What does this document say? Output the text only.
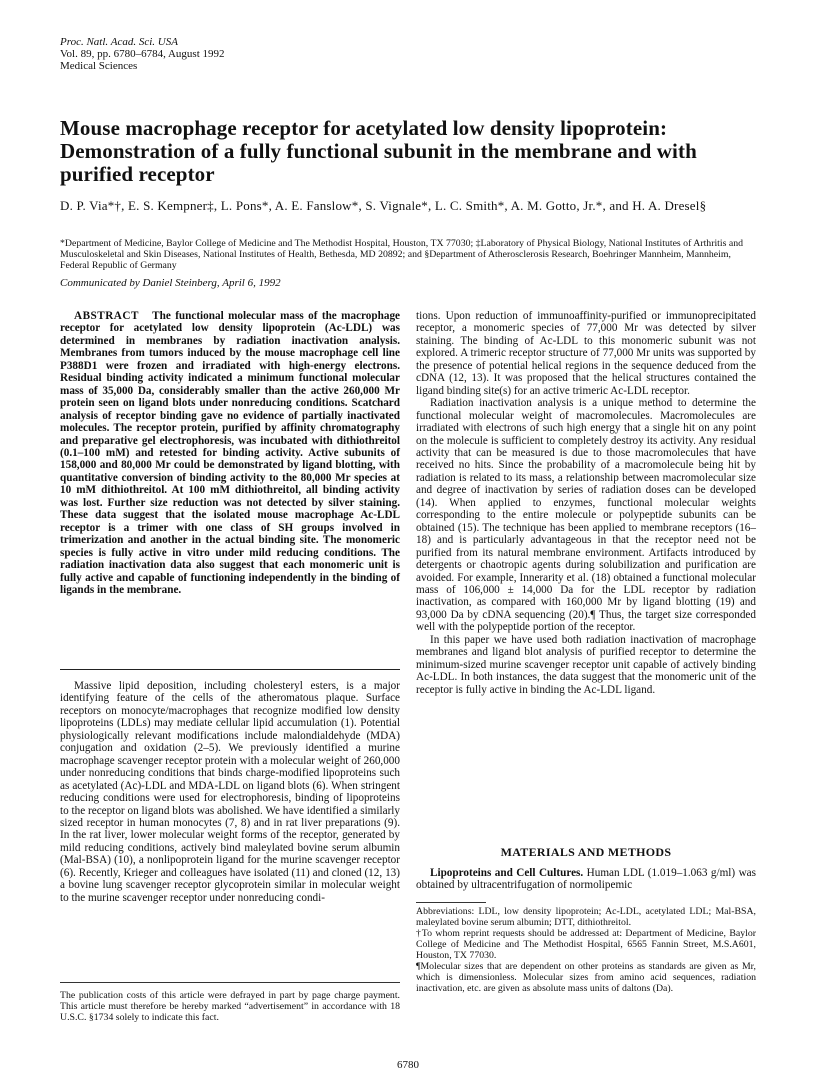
Proc. Natl. Acad. Sci. USA
Vol. 89, pp. 6780–6784, August 1992
Medical Sciences
Mouse macrophage receptor for acetylated low density lipoprotein: Demonstration of a fully functional subunit in the membrane and with purified receptor
D. P. Via*†, E. S. Kempner‡, L. Pons*, A. E. Fanslow*, S. Vignale*, L. C. Smith*, A. M. Gotto, Jr.*, and H. A. Dresel§
*Department of Medicine, Baylor College of Medicine and The Methodist Hospital, Houston, TX 77030; ‡Laboratory of Physical Biology, National Institutes of Arthritis and Musculoskeletal and Skin Diseases, National Institutes of Health, Bethesda, MD 20892; and §Department of Atherosclerosis Research, Boehringer Mannheim, Mannheim, Federal Republic of Germany
Communicated by Daniel Steinberg, April 6, 1992

ABSTRACT The functional molecular mass of the macrophage receptor for acetylated low density lipoprotein (Ac-LDL) was determined in membranes by radiation inactivation analysis. Membranes from tumors induced by the mouse macrophage cell line P388D1 were frozen and irradiated with high-energy electrons. Residual binding activity indicated a minimum functional molecular mass of 35,000 Da, considerably smaller than the active 260,000 Mr protein seen on ligand blots under nonreducing conditions. Scatchard analysis of receptor binding gave no evidence of partially inactivated molecules. The receptor protein, purified by affinity chromatography and preparative gel electrophoresis, was incubated with dithiothreitol (0.1–100 mM) and retested for binding activity. Active subunits of 158,000 and 80,000 Mr could be demonstrated by ligand blotting, with quantitative conversion of binding activity to the 80,000 Mr species at 10 mM dithiothreitol. At 100 mM dithiothreitol, all binding activity was lost. Further size reduction was not detected by silver staining. These data suggest that the isolated mouse macrophage Ac-LDL receptor is a trimer with one class of SH groups involved in trimerization and another in the actual binding site. The monomeric species is fully active in vitro under mild reducing conditions. The radiation inactivation data also suggest that each monomeric unit is fully active and capable of functioning independently in the binding of ligands in the membrane.

Massive lipid deposition, including cholesteryl esters, is a major identifying feature of the cells of the atheromatous plaque. Surface receptors on monocyte/macrophages that recognize modified low density lipoproteins (LDLs) may mediate cellular lipid accumulation (1). Potential physiologically relevant modifications include malondialdehyde (MDA) conjugation and oxidation (2–5). We previously identified a murine macrophage scavenger receptor protein with a molecular weight of 260,000 under nonreducing conditions that binds charge-modified lipoproteins such as acetylated (Ac)-LDL and MDA-LDL on ligand blots (6). When stringent reducing conditions were used for electrophoresis, binding of lipoproteins to the receptor on ligand blots was abolished. We have identified a similarly sized receptor in human monocytes (7, 8) and in rat liver preparations (9). In the rat liver, lower molecular weight forms of the receptor, generated by mild reducing conditions, actively bind maleylated bovine serum albumin (Mal-BSA) (10), a nonlipoprotein ligand for the murine scavenger receptor (6). Recently, Krieger and colleagues have isolated (11) and cloned (12, 13) a bovine lung scavenger receptor glycoprotein similar in molecular weight to the murine scavenger receptor under nonreducing condi-

tions. Upon reduction of immunoaffinity-purified or immunoprecipitated receptor, a monomeric species of 77,000 Mr was detected by silver staining. The binding of Ac-LDL to this monomeric subunit was not explored. A trimeric receptor structure of 77,000 Mr units was supported by the presence of potential helical regions in the sequence deduced from the cDNA (12, 13). It was proposed that the helical structures contained the ligand binding site(s) for an active trimeric Ac-LDL receptor.

Radiation inactivation analysis is a unique method to determine the functional molecular weight of macromolecules. Macromolecules are irradiated with electrons of such high energy that a single hit on any point on the molecule is sufficient to completely destroy its activity. Any residual activity that can be measured is due to those macromolecules that have received no hits. Since the probability of a macromolecule being hit by radiation is related to its mass, a relationship between macromolecular size and degree of inactivation by series of radiation doses can be developed (14). When applied to enzymes, functional molecular weights corresponding to the entire molecule or polypeptide subunits can be obtained (15). The technique has been applied to membrane receptors (16–18) and is particularly advantageous in that the receptor need not be purified from its natural membrane environment. Artifacts introduced by detergents or chaotropic agents during solubilization and purification are avoided. For example, Innerarity et al. (18) obtained a functional molecular mass of 106,000 ± 14,000 Da for the LDL receptor by radiation inactivation, as compared with 160,000 Mr by ligand blotting (19) and 93,000 Da by cDNA sequencing (20).¶ Thus, the target size corresponded well with the polypeptide portion of the receptor.

In this paper we have used both radiation inactivation of macrophage membranes and ligand blot analysis of purified receptor to determine the minimum-sized murine scavenger receptor unit capable of actively binding Ac-LDL. In both instances, the data suggest that the monomeric unit of the receptor is fully active in binding the Ac-LDL ligand.

MATERIALS AND METHODS

Lipoproteins and Cell Cultures. Human LDL (1.019–1.063 g/ml) was obtained by ultracentrifugation of normolipemic

Abbreviations: LDL, low density lipoprotein; Ac-LDL, acetylated LDL; Mal-BSA, maleylated bovine serum albumin; DTT, dithiothreitol.

†To whom reprint requests should be addressed at: Department of Medicine, Baylor College of Medicine and The Methodist Hospital, 6565 Fannin Street, M.S.A601, Houston, TX 77030.

¶Molecular sizes that are dependent on other proteins as standards are given as Mr, which is dimensionless. Molecular sizes from amino acid sequences, radiation inactivation, etc. are given as absolute mass units of daltons (Da).

The publication costs of this article were defrayed in part by page charge payment. This article must therefore be hereby marked “advertisement” in accordance with 18 U.S.C. §1734 solely to indicate this fact.

6780
